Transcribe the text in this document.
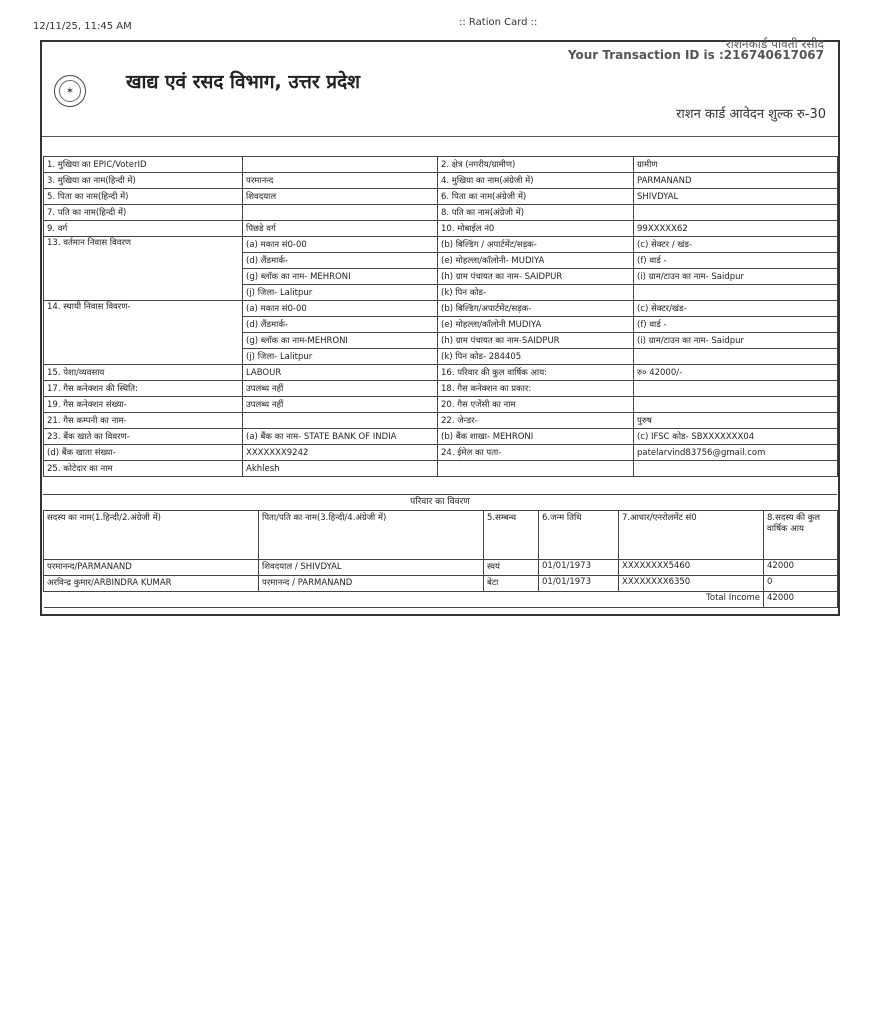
12/11/25, 11:45 AM	:: Ration Card ::
राशनकार्ड पावती रसीद
Your Transaction ID is :216740617067
✶	खाद्य एवं रसद विभाग, उत्तर प्रदेश
राशन कार्ड आवेदन शुल्क रु-30
1. मुखिया का EPIC/VoterID		2. क्षेत्र (नगरीय/ग्रामीण)	ग्रामीण
3. मुखिया का नाम(हिन्दी में)	परमानन्द	4. मुखिया का नाम(अंग्रेजी में)	PARMANAND
5. पिता का नाम(हिन्दी में)	शिवदयाल	6. पिता का नाम(अंग्रेजी में)	SHIVDYAL
7. पति का नाम(हिन्दी में)		8. पति का नाम(अंग्रेजी में)	
9. वर्ग	पिछडे वर्ग	10. मोबाईल नं0	99XXXXX62
13. वर्तमान निवास विवरण	(a) मकान सं0-00	(b) बिल्डिंग / अपार्टमेंट/सड़क-	(c) सेक्टर / खंड-
	(d) लैंडमार्क-	(e) मोहल्ला/कॉलोनी- MUDIYA	(f) वार्ड -
	(g) ब्लॉक का नाम- MEHRONI	(h) ग्राम पंचायत का नाम- SAIDPUR	(i) ग्राम/टाउन का नाम- Saidpur
	(j) जिला- Lalitpur	(k) पिन कोड-	
14. स्थायी निवास विवरण-	(a) मकान सं0-00	(b) बिल्डिंग/अपार्टमेंट/सड़क-	(c) सेक्टर/खंड-
	(d) लैंडमार्क-	(e) मोहल्ला/कॉलोनी MUDIYA	(f) वार्ड -
	(g) ब्लॉक का नाम-MEHRONI	(h) ग्राम पंचायत का नाम-SAIDPUR	(i) ग्राम/टाउन का नाम- Saidpur
	(j) जिला- Lalitpur	(k) पिन कोड- 284405	
15. पेशा/व्यवसाय	LABOUR	16. परिवार की कुल वार्षिक आय:	रु० 42000/-
17. गैस कनेक्शन की स्थिति:	उपलब्ध नहीं	18. गैस कनेक्शन का प्रकार:	
19. गैस कनेक्शन संख्या-	उपलब्ध नहीं	20. गैस एजेंसी का नाम	
21. गैस कम्पनी का नाम-		22. जेन्डर-	पुरुष
23. बैंक खाते का विवरण-	(a) बैंक का नाम- STATE BANK OF INDIA	(b) बैंक शाखा- MEHRONI	(c) IFSC कोड- SBXXXXXXX04
(d) बैंक खाता संख्या-	XXXXXXX9242	24. ईमेल का पता-	patelarvind83756@gmail.com
25. कोटेदार का नाम	Akhlesh		
परिवार का विवरण
सदस्य का नाम(1.हिन्दी/2.अंग्रेजी में)	पिता/पति का नाम(3.हिन्दी/4.अंग्रेजी में)	5.सम्बन्ध	6.जन्म तिथि	7.आधार/एनरोलमेंट सं0	8.सदस्य की कुल वार्षिक आय
परमानन्द/PARMANAND	शिवदयाल / SHIVDYAL	स्वयं	01/01/1973	XXXXXXXX5460	42000
अरविन्द्र कुमार/ARBINDRA KUMAR	परमानन्द / PARMANAND	बेटा	01/01/1973	XXXXXXXX6350	0
Total Income					42000
